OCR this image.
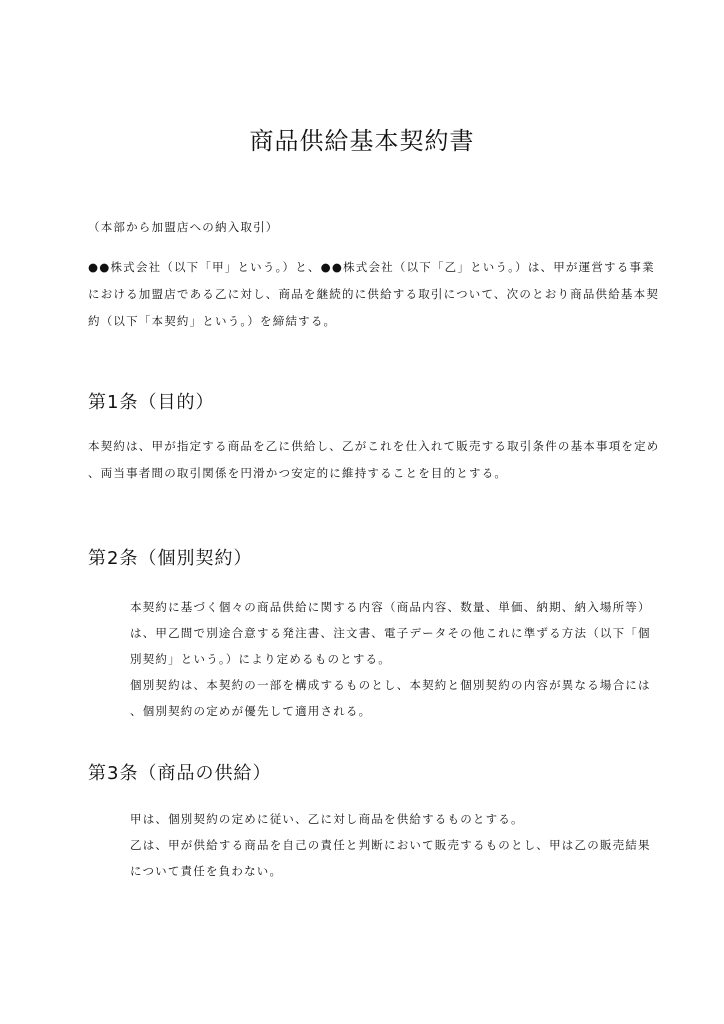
商品供給基本契約書
（本部から加盟店への納入取引）
●●株式会社（以下「甲」という。）と、●●株式会社（以下「乙」という。）は、甲が運営する事業
における加盟店である乙に対し、商品を継続的に供給する取引について、次のとおり商品供給基本契
約（以下「本契約」という。）を締結する。
第1条（目的）
本契約は、甲が指定する商品を乙に供給し、乙がこれを仕入れて販売する取引条件の基本事項を定め
、両当事者間の取引関係を円滑かつ安定的に維持することを目的とする。
第2条（個別契約）
本契約に基づく個々の商品供給に関する内容（商品内容、数量、単価、納期、納入場所等）
は、甲乙間で別途合意する発注書、注文書、電子データその他これに準ずる方法（以下「個
別契約」という。）により定めるものとする。
個別契約は、本契約の一部を構成するものとし、本契約と個別契約の内容が異なる場合には
、個別契約の定めが優先して適用される。
第3条（商品の供給）
甲は、個別契約の定めに従い、乙に対し商品を供給するものとする。
乙は、甲が供給する商品を自己の責任と判断において販売するものとし、甲は乙の販売結果
について責任を負わない。
